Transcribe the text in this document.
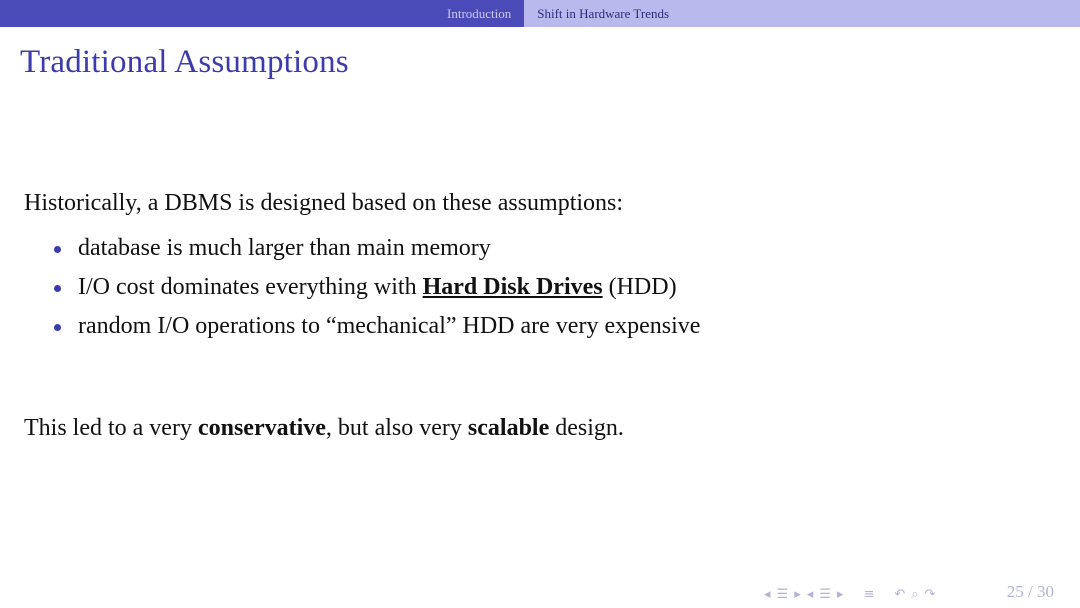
Introduction	Shift in Hardware Trends
Traditional Assumptions
Historically, a DBMS is designed based on these assumptions:
database is much larger than main memory
I/O cost dominates everything with Hard Disk Drives (HDD)
random I/O operations to “mechanical” HDD are very expensive
This led to a very conservative, but also very scalable design.
◂ ☰ ▸ ◂ ☰ ▸ ≡ ↶ ⌕ ↷	25 / 30
